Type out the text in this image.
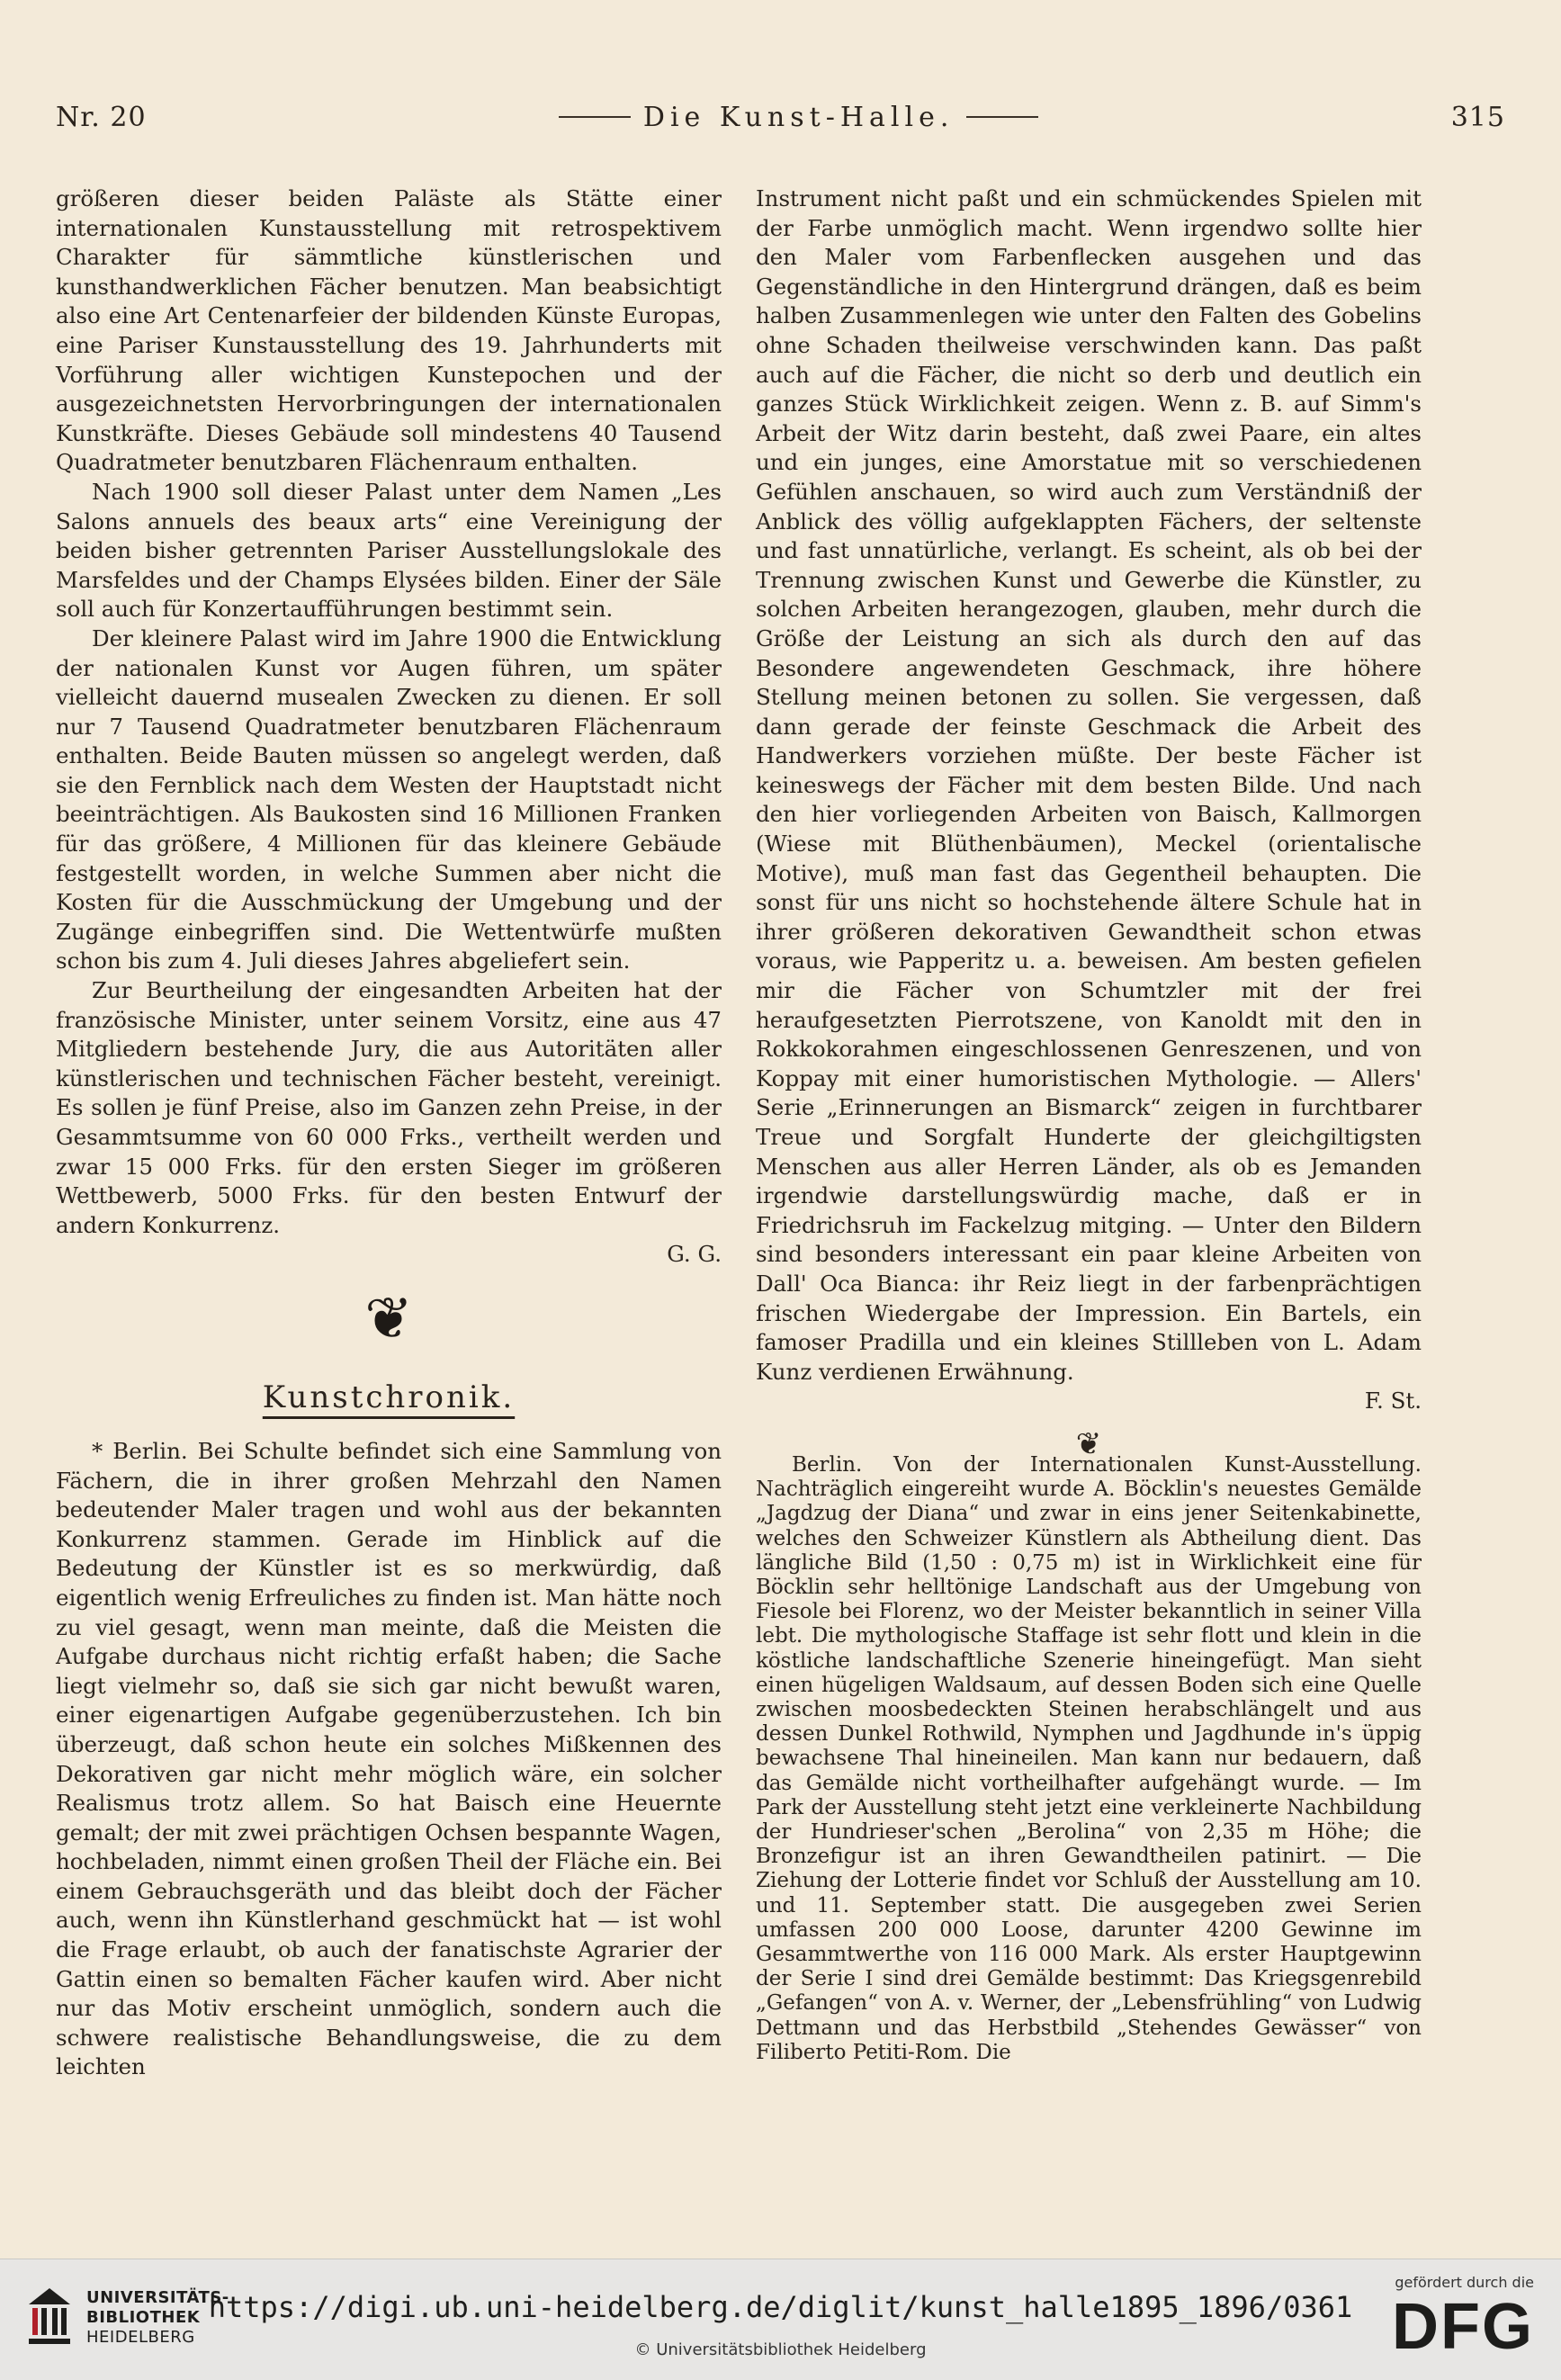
Nr. 20	Die Kunst-Halle.	315

größeren dieser beiden Paläste als Stätte einer internationalen Kunstausstellung mit retrospektivem Charakter für sämmtliche künstlerischen und kunsthandwerklichen Fächer benutzen. Man beabsichtigt also eine Art Centenarfeier der bildenden Künste Europas, eine Pariser Kunstausstellung des 19. Jahrhunderts mit Vorführung aller wichtigen Kunstepochen und der ausgezeichnetsten Hervorbringungen der internationalen Kunstkräfte. Dieses Gebäude soll mindestens 40 Tausend Quadratmeter benutzbaren Flächenraum enthalten.

Nach 1900 soll dieser Palast unter dem Namen „Les Salons annuels des beaux arts“ eine Vereinigung der beiden bisher getrennten Pariser Ausstellungslokale des Marsfeldes und der Champs Elysées bilden. Einer der Säle soll auch für Konzertaufführungen bestimmt sein.

Der kleinere Palast wird im Jahre 1900 die Entwicklung der nationalen Kunst vor Augen führen, um später vielleicht dauernd musealen Zwecken zu dienen. Er soll nur 7 Tausend Quadratmeter benutzbaren Flächenraum enthalten. Beide Bauten müssen so angelegt werden, daß sie den Fernblick nach dem Westen der Hauptstadt nicht beeinträchtigen. Als Baukosten sind 16 Millionen Franken für das größere, 4 Millionen für das kleinere Gebäude festgestellt worden, in welche Summen aber nicht die Kosten für die Ausschmückung der Umgebung und der Zugänge einbegriffen sind. Die Wettentwürfe mußten schon bis zum 4. Juli dieses Jahres abgeliefert sein.

Zur Beurtheilung der eingesandten Arbeiten hat der französische Minister, unter seinem Vorsitz, eine aus 47 Mitgliedern bestehende Jury, die aus Autoritäten aller künstlerischen und technischen Fächer besteht, vereinigt. Es sollen je fünf Preise, also im Ganzen zehn Preise, in der Gesammtsumme von 60 000 Frks., vertheilt werden und zwar 15 000 Frks. für den ersten Sieger im größeren Wettbewerb, 5000 Frks. für den besten Entwurf der andern Konkurrenz.

G. G.

❦
Kunstchronik.

* Berlin. Bei Schulte befindet sich eine Sammlung von Fächern, die in ihrer großen Mehrzahl den Namen bedeutender Maler tragen und wohl aus der bekannten Konkurrenz stammen. Gerade im Hinblick auf die Bedeutung der Künstler ist es so merkwürdig, daß eigentlich wenig Erfreuliches zu finden ist. Man hätte noch zu viel gesagt, wenn man meinte, daß die Meisten die Aufgabe durchaus nicht richtig erfaßt haben; die Sache liegt vielmehr so, daß sie sich gar nicht bewußt waren, einer eigenartigen Aufgabe gegenüberzustehen. Ich bin überzeugt, daß schon heute ein solches Mißkennen des Dekorativen gar nicht mehr möglich wäre, ein solcher Realismus trotz allem. So hat Baisch eine Heuernte gemalt; der mit zwei prächtigen Ochsen bespannte Wagen, hochbeladen, nimmt einen großen Theil der Fläche ein. Bei einem Gebrauchsgeräth und das bleibt doch der Fächer auch, wenn ihn Künstlerhand geschmückt hat — ist wohl die Frage erlaubt, ob auch der fanatischste Agrarier der Gattin einen so bemalten Fächer kaufen wird. Aber nicht nur das Motiv erscheint unmöglich, sondern auch die schwere realistische Behandlungsweise, die zu dem leichten

Instrument nicht paßt und ein schmückendes Spielen mit der Farbe unmöglich macht. Wenn irgendwo sollte hier den Maler vom Farbenflecken ausgehen und das Gegenständliche in den Hintergrund drängen, daß es beim halben Zusammenlegen wie unter den Falten des Gobelins ohne Schaden theilweise verschwinden kann. Das paßt auch auf die Fächer, die nicht so derb und deutlich ein ganzes Stück Wirklichkeit zeigen. Wenn z. B. auf Simm's Arbeit der Witz darin besteht, daß zwei Paare, ein altes und ein junges, eine Amorstatue mit so verschiedenen Gefühlen anschauen, so wird auch zum Verständniß der Anblick des völlig aufgeklappten Fächers, der seltenste und fast unnatürliche, verlangt. Es scheint, als ob bei der Trennung zwischen Kunst und Gewerbe die Künstler, zu solchen Arbeiten herangezogen, glauben, mehr durch die Größe der Leistung an sich als durch den auf das Besondere angewendeten Geschmack, ihre höhere Stellung meinen betonen zu sollen. Sie vergessen, daß dann gerade der feinste Geschmack die Arbeit des Handwerkers vorziehen müßte. Der beste Fächer ist keineswegs der Fächer mit dem besten Bilde. Und nach den hier vorliegenden Arbeiten von Baisch, Kallmorgen (Wiese mit Blüthenbäumen), Meckel (orientalische Motive), muß man fast das Gegentheil behaupten. Die sonst für uns nicht so hochstehende ältere Schule hat in ihrer größeren dekorativen Gewandtheit schon etwas voraus, wie Papperitz u. a. beweisen. Am besten gefielen mir die Fächer von Schumtzler mit der frei heraufgesetzten Pierrotszene, von Kanoldt mit den in Rokkokorahmen eingeschlossenen Genreszenen, und von Koppay mit einer humoristischen Mythologie. — Allers' Serie „Erinnerungen an Bismarck“ zeigen in furchtbarer Treue und Sorgfalt Hunderte der gleichgiltigsten Menschen aus aller Herren Länder, als ob es Jemanden irgendwie darstellungswürdig mache, daß er in Friedrichsruh im Fackelzug mitging. — Unter den Bildern sind besonders interessant ein paar kleine Arbeiten von Dall' Oca Bianca: ihr Reiz liegt in der farbenprächtigen frischen Wiedergabe der Impression. Ein Bartels, ein famoser Pradilla und ein kleines Stillleben von L. Adam Kunz verdienen Erwähnung.

F. St.

❦

Berlin. Von der Internationalen Kunst-Ausstellung. Nachträglich eingereiht wurde A. Böcklin's neuestes Gemälde „Jagdzug der Diana“ und zwar in eins jener Seitenkabinette, welches den Schweizer Künstlern als Abtheilung dient. Das längliche Bild (1,50 : 0,75 m) ist in Wirklichkeit eine für Böcklin sehr helltönige Landschaft aus der Umgebung von Fiesole bei Florenz, wo der Meister bekanntlich in seiner Villa lebt. Die mythologische Staffage ist sehr flott und klein in die köstliche landschaftliche Szenerie hineingefügt. Man sieht einen hügeligen Waldsaum, auf dessen Boden sich eine Quelle zwischen moosbedeckten Steinen herabschlängelt und aus dessen Dunkel Rothwild, Nymphen und Jagdhunde in's üppig bewachsene Thal hineineilen. Man kann nur bedauern, daß das Gemälde nicht vortheilhafter aufgehängt wurde. — Im Park der Ausstellung steht jetzt eine verkleinerte Nachbildung der Hundrieser'schen „Berolina“ von 2,35 m Höhe; die Bronzefigur ist an ihren Gewandtheilen patinirt. — Die Ziehung der Lotterie findet vor Schluß der Ausstellung am 10. und 11. September statt. Die ausgegeben zwei Serien umfassen 200 000 Loose, darunter 4200 Gewinne im Gesammtwerthe von 116 000 Mark. Als erster Hauptgewinn der Serie I sind drei Gemälde bestimmt: Das Kriegsgenrebild „Gefangen“ von A. v. Werner, der „Lebensfrühling“ von Ludwig Dettmann und das Herbstbild „Stehendes Gewässer“ von Filiberto Petiti-Rom. Die

UNIVERSITÄTS-
BIBLIOTHEK
HEIDELBERG
https://digi.ub.uni-heidelberg.de/diglit/kunst_halle1895_1896/0361
© Universitätsbibliothek Heidelberg
gefördert durch die
DFG
